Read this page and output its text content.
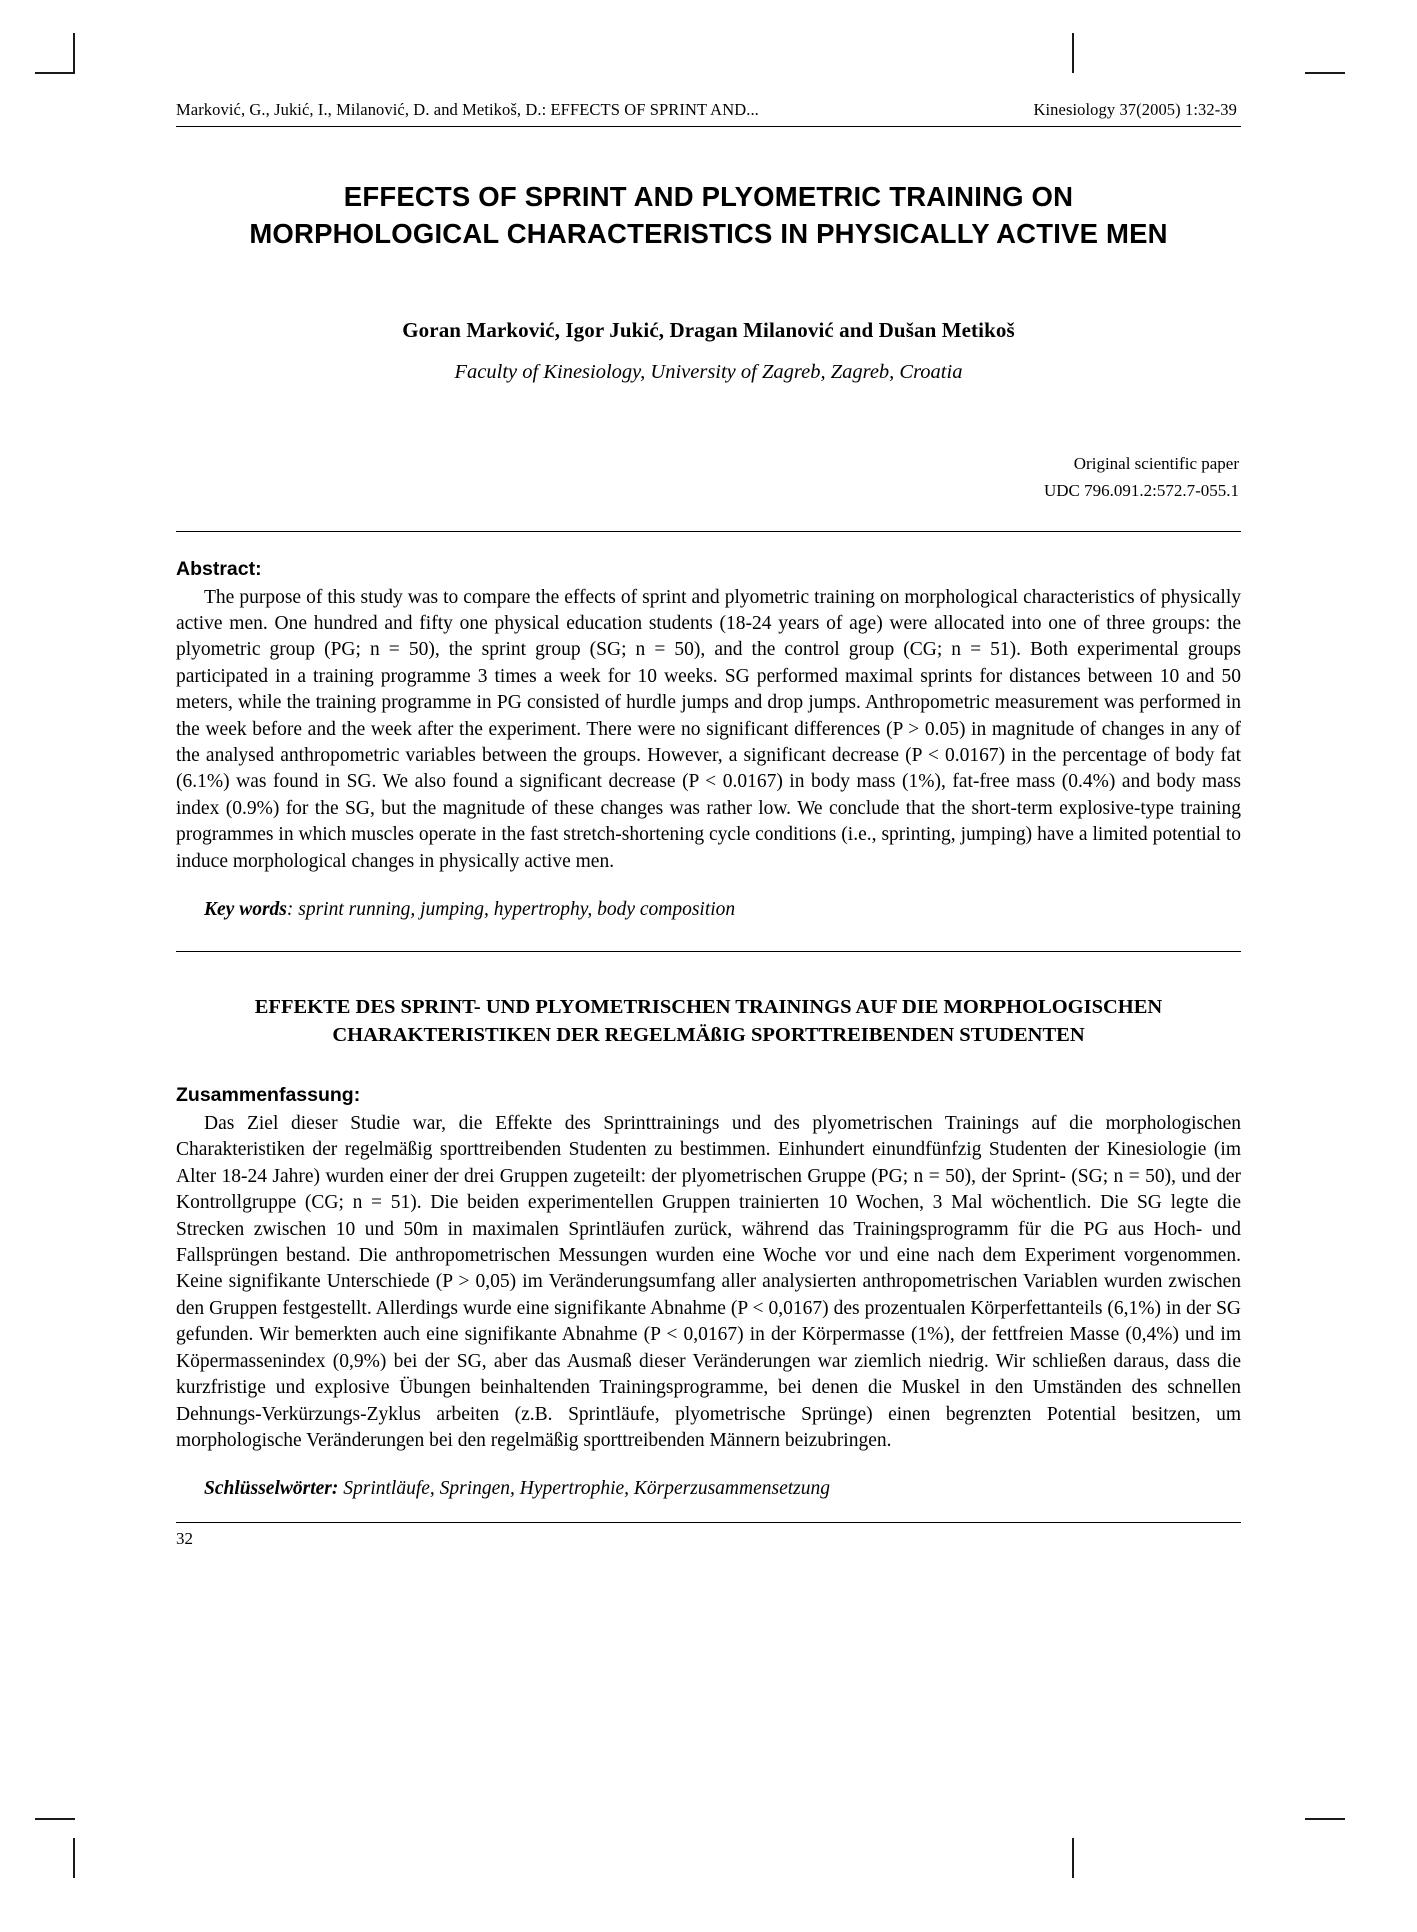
Marković, G., Jukić, I., Milanović, D. and Metikoš, D.: EFFECTS OF SPRINT AND...	Kinesiology 37(2005) 1:32-39
EFFECTS OF SPRINT AND PLYOMETRIC TRAINING ON MORPHOLOGICAL CHARACTERISTICS IN PHYSICALLY ACTIVE MEN
Goran Marković, Igor Jukić, Dragan Milanović and Dušan Metikoš
Faculty of Kinesiology, University of Zagreb, Zagreb, Croatia
Original scientific paper
UDC 796.091.2:572.7-055.1
Abstract:

The purpose of this study was to compare the effects of sprint and plyometric training on morphological characteristics of physically active men. One hundred and fifty one physical education students (18-24 years of age) were allocated into one of three groups: the plyometric group (PG; n = 50), the sprint group (SG; n = 50), and the control group (CG; n = 51). Both experimental groups participated in a training programme 3 times a week for 10 weeks. SG performed maximal sprints for distances between 10 and 50 meters, while the training programme in PG consisted of hurdle jumps and drop jumps. Anthropometric measurement was performed in the week before and the week after the experiment. There were no significant differences (P > 0.05) in magnitude of changes in any of the analysed anthropometric variables between the groups. However, a significant decrease (P < 0.0167) in the percentage of body fat (6.1%) was found in SG. We also found a significant decrease (P < 0.0167) in body mass (1%), fat-free mass (0.4%) and body mass index (0.9%) for the SG, but the magnitude of these changes was rather low. We conclude that the short-term explosive-type training programmes in which muscles operate in the fast stretch-shortening cycle conditions (i.e., sprinting, jumping) have a limited potential to induce morphological changes in physically active men.

Key words: sprint running, jumping, hypertrophy, body composition

EFFEKTE DES SPRINT- UND PLYOMETRISCHEN TRAININGS AUF DIE MORPHOLOGISCHEN CHARAKTERISTIKEN DER REGELMÄßIG SPORTTREIBENDEN STUDENTEN
Zusammenfassung:

Das Ziel dieser Studie war, die Effekte des Sprinttrainings und des plyometrischen Trainings auf die morphologischen Charakteristiken der regelmäßig sporttreibenden Studenten zu bestimmen. Einhundert einundfünfzig Studenten der Kinesiologie (im Alter 18-24 Jahre) wurden einer der drei Gruppen zugeteilt: der plyometrischen Gruppe (PG; n = 50), der Sprint- (SG; n = 50), und der Kontrollgruppe (CG; n = 51). Die beiden experimentellen Gruppen trainierten 10 Wochen, 3 Mal wöchentlich. Die SG legte die Strecken zwischen 10 und 50m in maximalen Sprintläufen zurück, während das Trainingsprogramm für die PG aus Hoch- und Fallsprüngen bestand. Die anthropometrischen Messungen wurden eine Woche vor und eine nach dem Experiment vorgenommen. Keine signifikante Unterschiede (P > 0,05) im Veränderungsumfang aller analysierten anthropometrischen Variablen wurden zwischen den Gruppen festgestellt. Allerdings wurde eine signifikante Abnahme (P < 0,0167) des prozentualen Körperfettanteils (6,1%) in der SG gefunden. Wir bemerkten auch eine signifikante Abnahme (P < 0,0167) in der Körpermasse (1%), der fettfreien Masse (0,4%) und im Köpermassenindex (0,9%) bei der SG, aber das Ausmaß dieser Veränderungen war ziemlich niedrig. Wir schließen daraus, dass die kurzfristige und explosive Übungen beinhaltenden Trainingsprogramme, bei denen die Muskel in den Umständen des schnellen Dehnungs-Verkürzungs-Zyklus arbeiten (z.B. Sprintläufe, plyometrische Sprünge) einen begrenzten Potential besitzen, um morphologische Veränderungen bei den regelmäßig sporttreibenden Männern beizubringen.

Schlüsselwörter: Sprintläufe, Springen, Hypertrophie, Körperzusammensetzung

32
